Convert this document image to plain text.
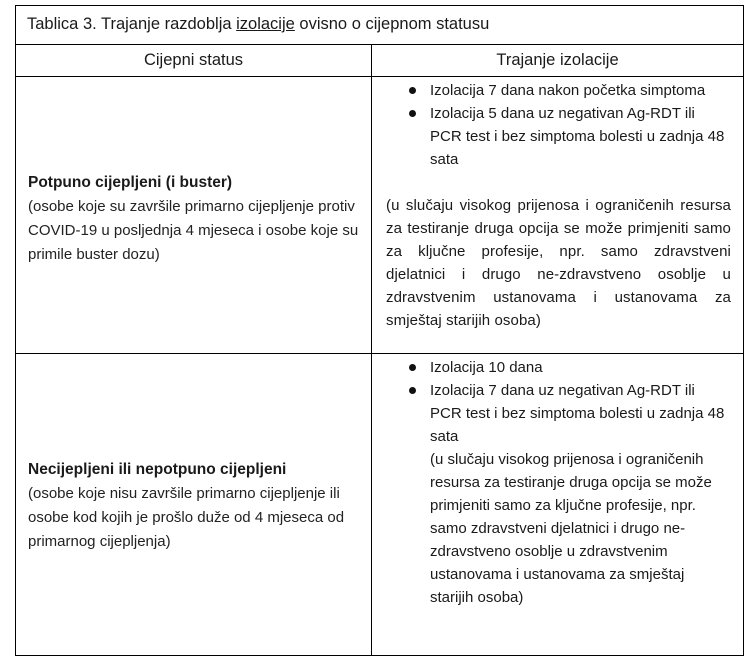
Tablica 3. Trajanje razdoblja izolacije ovisno o cijepnom statusu
Cijepni status	Trajanje izolacije

Potpuno cijepljeni (i buster)

(osobe koje su završile primarno cijepljenje protiv COVID-19 u posljednja 4 mjeseca i osobe koje su primile buster dozu)

Izolacija 7 dana nakon početka simptoma
Izolacija 5 dana uz negativan Ag-RDT ili PCR test i bez simptoma bolesti u zadnja 48 sata
(u slučaju visokog prijenosa i ograničenih resursa za testiranje druga opcija se može primjeniti samo za ključne profesije, npr. samo zdravstveni djelatnici i drugo ne-zdravstveno osoblje u zdravstvenim ustanovama i ustanovama za smještaj starijih osoba)

Necijepljeni ili nepotpuno cijepljeni

(osobe koje nisu završile primarno cijepljenje ili osobe kod kojih je prošlo duže od 4 mjeseca od primarnog cijepljenja)

Izolacija 10 dana
Izolacija 7 dana uz negativan Ag-RDT ili PCR test i bez simptoma bolesti u zadnja 48 sata
(u slučaju visokog prijenosa i ograničenih resursa za testiranje druga opcija se može primjeniti samo za ključne profesije, npr. samo zdravstveni djelatnici i drugo ne-zdravstveno osoblje u zdravstvenim ustanovama i ustanovama za smještaj starijih osoba)
